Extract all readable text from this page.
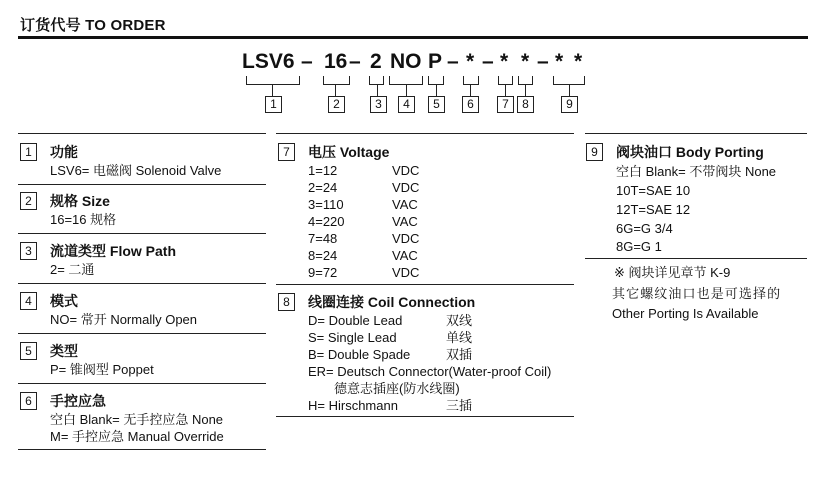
订货代号 TO ORDER
LSV6 – 16 – 2 NO P – * – * * – * *
1	2	3	4	5	6	7	8	9
1	功能
LSV6= 电磁阀 Solenoid Valve
2	规格 Size
16=16 规格
3	流道类型 Flow Path
2= 二通
4	模式
NO= 常开 Normally Open
5	类型
P= 锥阀型 Poppet
6	手控应急
空白 Blank= 无手控应急 None
M= 手控应急 Manual Override
7	电压 Voltage
1=12	VDC
2=24	VDC
3=110	VAC
4=220	VAC
7=48	VDC
8=24	VAC
9=72	VDC
8	线圈连接 Coil Connection
D= Double Lead	双线
S= Single Lead	单线
B= Double Spade	双插
ER= Deutsch Connector(Water-proof Coil)
德意志插座(防水线圈)
H= Hirschmann	三插
9	阀块油口 Body Porting
空白 Blank= 不带阀块 None
10T=SAE 10
12T=SAE 12
6G=G 3/4
8G=G 1
※ 阀块详见章节 K-9
其它螺纹油口也是可选择的
Other Porting Is Available
